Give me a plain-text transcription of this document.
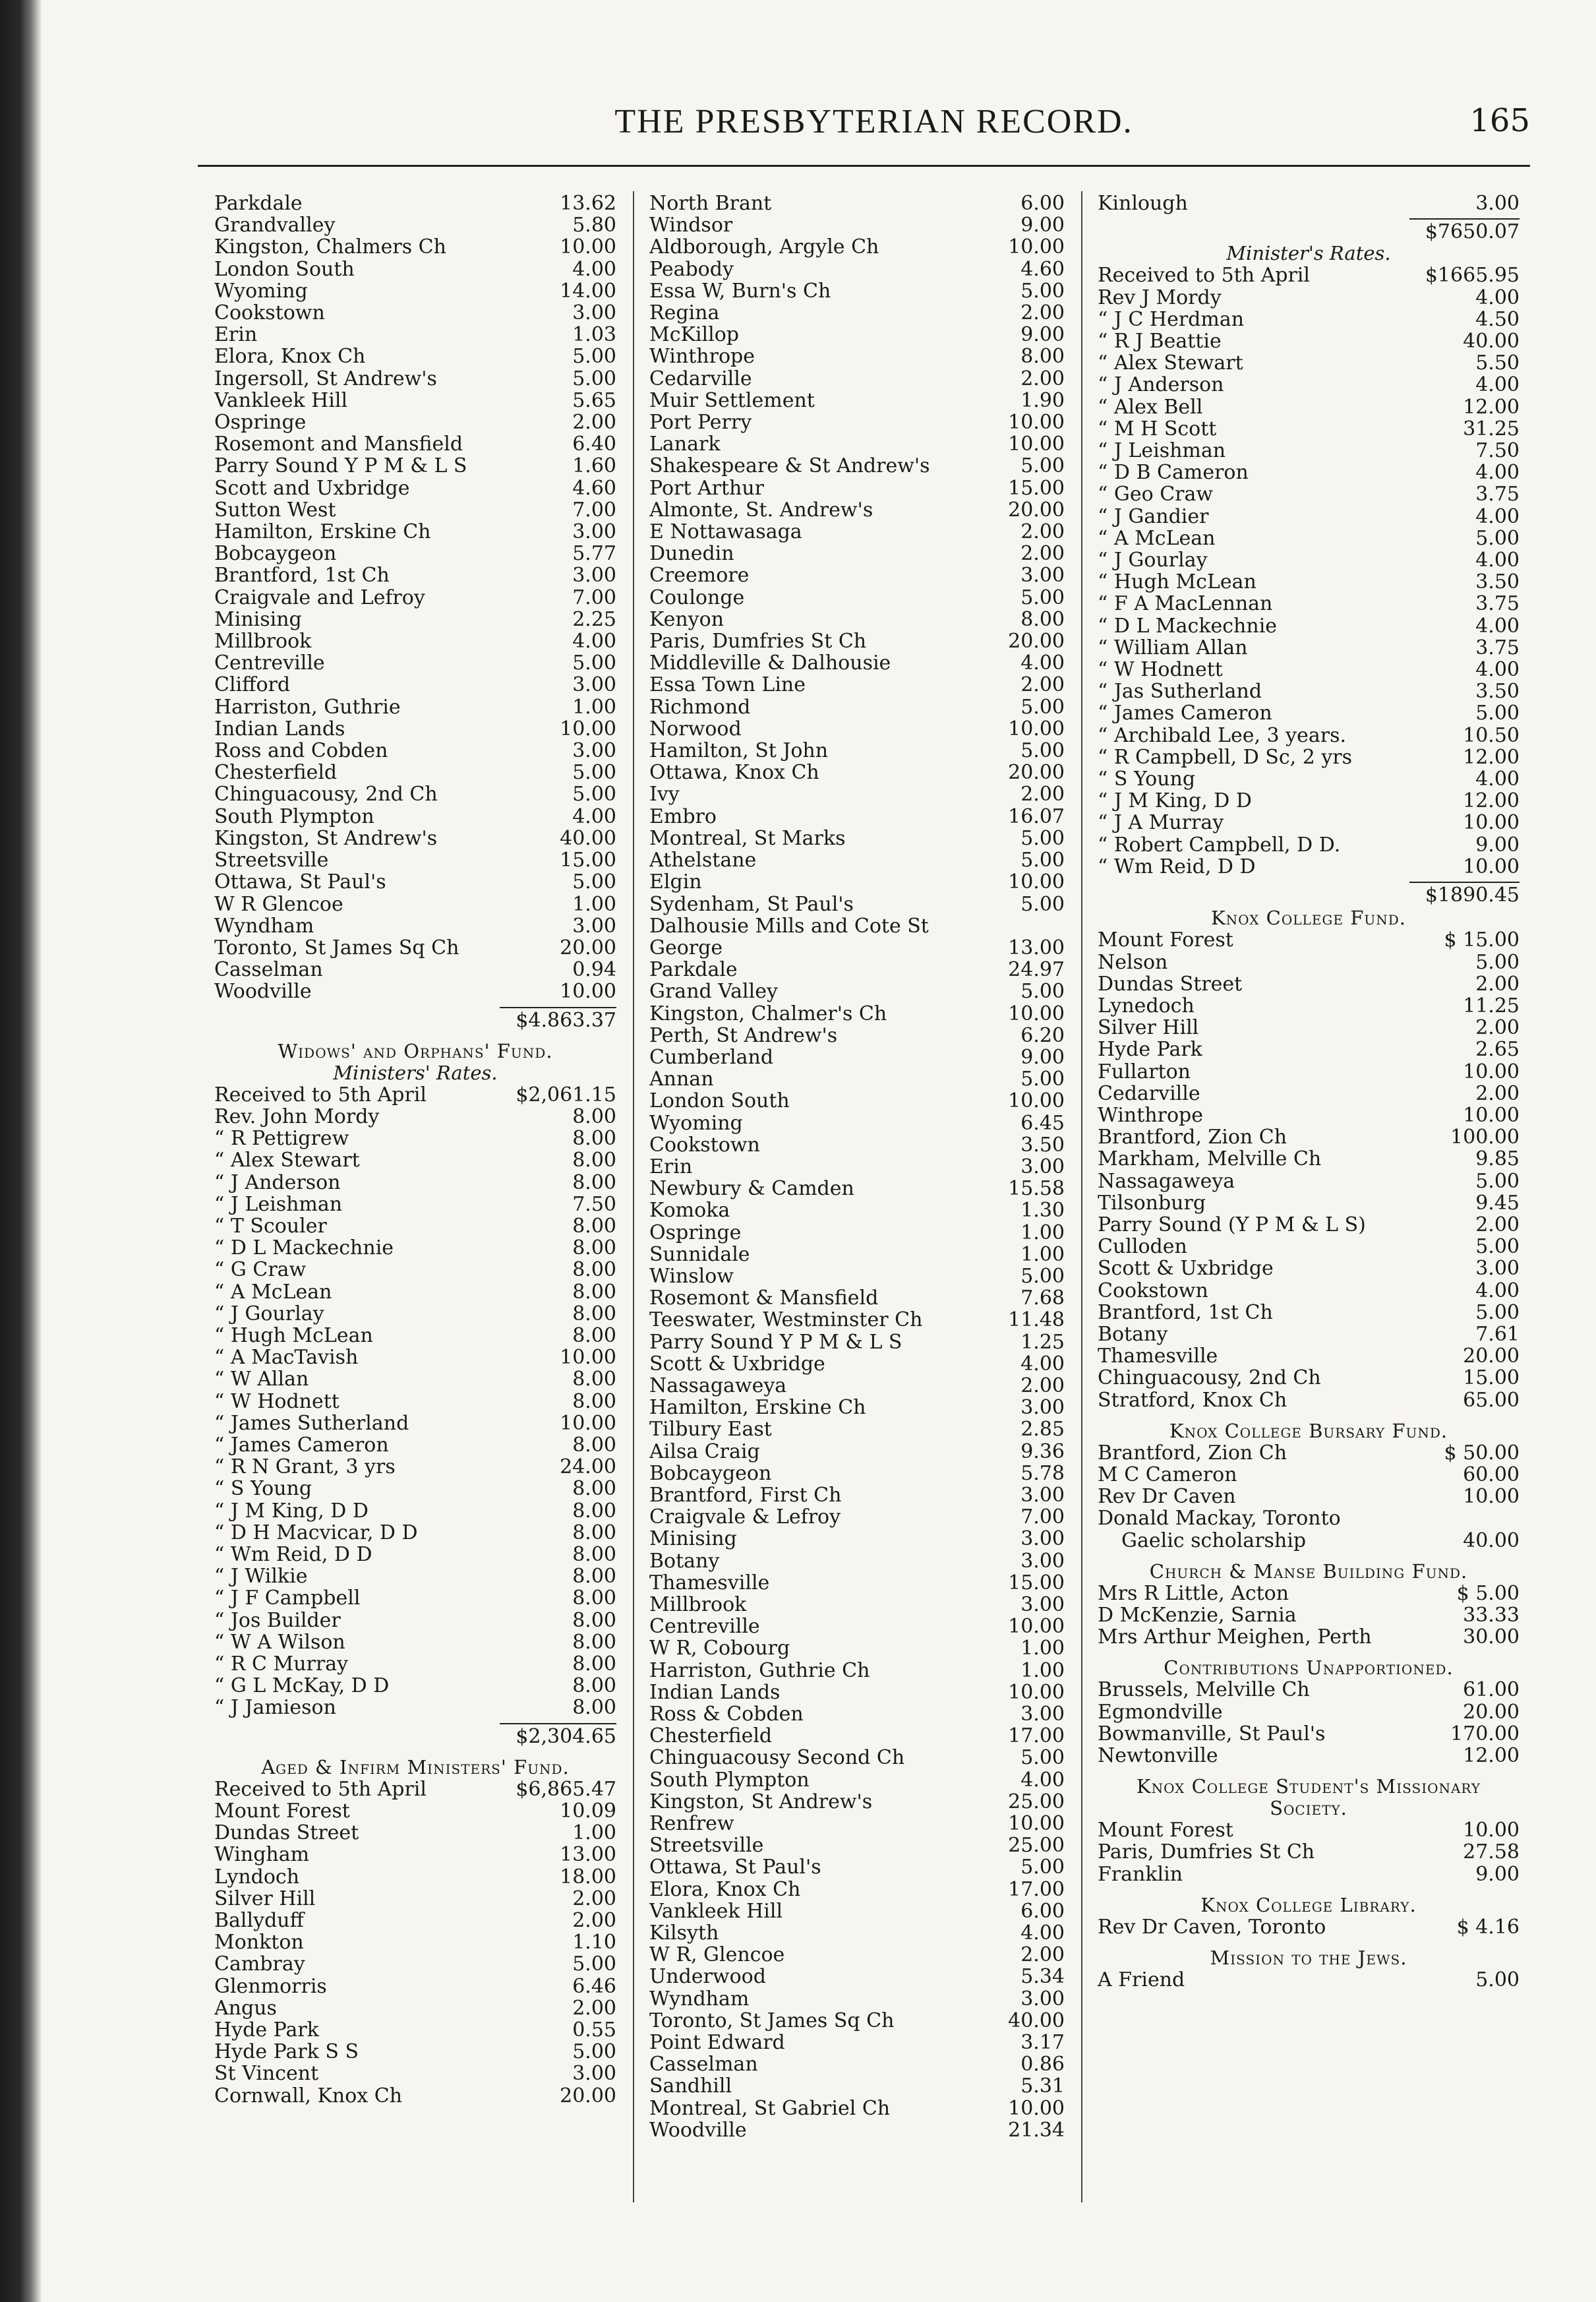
THE PRESBYTERIAN RECORD.	165
Parkdale	13.62
Grandvalley	5.80
Kingston, Chalmers Ch	10.00
London South	4.00
Wyoming	14.00
Cookstown	3.00
Erin	1.03
Elora, Knox Ch	5.00
Ingersoll, St Andrew's	5.00
Vankleek Hill	5.65
Ospringe	2.00
Rosemont and Mansfield	6.40
Parry Sound Y P M & L S	1.60
Scott and Uxbridge	4.60
Sutton West	7.00
Hamilton, Erskine Ch	3.00
Bobcaygeon	5.77
Brantford, 1st Ch	3.00
Craigvale and Lefroy	7.00
Minising	2.25
Millbrook	4.00
Centreville	5.00
Clifford	3.00
Harriston, Guthrie	1.00
Indian Lands	10.00
Ross and Cobden	3.00
Chesterfield	5.00
Chinguacousy, 2nd Ch	5.00
South Plympton	4.00
Kingston, St Andrew's	40.00
Streetsville	15.00
Ottawa, St Paul's	5.00
W R Glencoe	1.00
Wyndham	3.00
Toronto, St James Sq Ch	20.00
Casselman	0.94
Woodville	10.00
$4.863.37
Widows' and Orphans' Fund.
Ministers' Rates.
Received to 5th April	$2,061.15
Rev. John Mordy	8.00
“ R Pettigrew	8.00
“ Alex Stewart	8.00
“ J Anderson	8.00
“ J Leishman	7.50
“ T Scouler	8.00
“ D L Mackechnie	8.00
“ G Craw	8.00
“ A McLean	8.00
“ J Gourlay	8.00
“ Hugh McLean	8.00
“ A MacTavish	10.00
“ W Allan	8.00
“ W Hodnett	8.00
“ James Sutherland	10.00
“ James Cameron	8.00
“ R N Grant, 3 yrs	24.00
“ S Young	8.00
“ J M King, D D	8.00
“ D H Macvicar, D D	8.00
“ Wm Reid, D D	8.00
“ J Wilkie	8.00
“ J F Campbell	8.00
“ Jos Builder	8.00
“ W A Wilson	8.00
“ R C Murray	8.00
“ G L McKay, D D	8.00
“ J Jamieson	8.00
$2,304.65
Aged & Infirm Ministers' Fund.
Received to 5th April	$6,865.47
Mount Forest	10.09
Dundas Street	1.00
Wingham	13.00
Lyndoch	18.00
Silver Hill	2.00
Ballyduff	2.00
Monkton	1.10
Cambray	5.00
Glenmorris	6.46
Angus	2.00
Hyde Park	0.55
Hyde Park S S	5.00
St Vincent	3.00
Cornwall, Knox Ch	20.00
North Brant	6.00
Windsor	9.00
Aldborough, Argyle Ch	10.00
Peabody	4.60
Essa W, Burn's Ch	5.00
Regina	2.00
McKillop	9.00
Winthrope	8.00
Cedarville	2.00
Muir Settlement	1.90
Port Perry	10.00
Lanark	10.00
Shakespeare & St Andrew's	5.00
Port Arthur	15.00
Almonte, St. Andrew's	20.00
E Nottawasaga	2.00
Dunedin	2.00
Creemore	3.00
Coulonge	5.00
Kenyon	8.00
Paris, Dumfries St Ch	20.00
Middleville & Dalhousie	4.00
Essa Town Line	2.00
Richmond	5.00
Norwood	10.00
Hamilton, St John	5.00
Ottawa, Knox Ch	20.00
Ivy	2.00
Embro	16.07
Montreal, St Marks	5.00
Athelstane	5.00
Elgin	10.00
Sydenham, St Paul's	5.00
Dalhousie Mills and Cote St
George	13.00
Parkdale	24.97
Grand Valley	5.00
Kingston, Chalmer's Ch	10.00
Perth, St Andrew's	6.20
Cumberland	9.00
Annan	5.00
London South	10.00
Wyoming	6.45
Cookstown	3.50
Erin	3.00
Newbury & Camden	15.58
Komoka	1.30
Ospringe	1.00
Sunnidale	1.00
Winslow	5.00
Rosemont & Mansfield	7.68
Teeswater, Westminster Ch	11.48
Parry Sound Y P M & L S	1.25
Scott & Uxbridge	4.00
Nassagaweya	2.00
Hamilton, Erskine Ch	3.00
Tilbury East	2.85
Ailsa Craig	9.36
Bobcaygeon	5.78
Brantford, First Ch	3.00
Craigvale & Lefroy	7.00
Minising	3.00
Botany	3.00
Thamesville	15.00
Millbrook	3.00
Centreville	10.00
W R, Cobourg	1.00
Harriston, Guthrie Ch	1.00
Indian Lands	10.00
Ross & Cobden	3.00
Chesterfield	17.00
Chinguacousy Second Ch	5.00
South Plympton	4.00
Kingston, St Andrew's	25.00
Renfrew	10.00
Streetsville	25.00
Ottawa, St Paul's	5.00
Elora, Knox Ch	17.00
Vankleek Hill	6.00
Kilsyth	4.00
W R, Glencoe	2.00
Underwood	5.34
Wyndham	3.00
Toronto, St James Sq Ch	40.00
Point Edward	3.17
Casselman	0.86
Sandhill	5.31
Montreal, St Gabriel Ch	10.00
Woodville	21.34
Kinlough	3.00
$7650.07
Minister's Rates.
Received to 5th April	$1665.95
Rev J Mordy	4.00
“ J C Herdman	4.50
“ R J Beattie	40.00
“ Alex Stewart	5.50
“ J Anderson	4.00
“ Alex Bell	12.00
“ M H Scott	31.25
“ J Leishman	7.50
“ D B Cameron	4.00
“ Geo Craw	3.75
“ J Gandier	4.00
“ A McLean	5.00
“ J Gourlay	4.00
“ Hugh McLean	3.50
“ F A MacLennan	3.75
“ D L Mackechnie	4.00
“ William Allan	3.75
“ W Hodnett	4.00
“ Jas Sutherland	3.50
“ James Cameron	5.00
“ Archibald Lee, 3 years.	10.50
“ R Campbell, D Sc, 2 yrs	12.00
“ S Young	4.00
“ J M King, D D	12.00
“ J A Murray	10.00
“ Robert Campbell, D D.	9.00
“ Wm Reid, D D	10.00
$1890.45
Knox College Fund.
Mount Forest	$ 15.00
Nelson	5.00
Dundas Street	2.00
Lynedoch	11.25
Silver Hill	2.00
Hyde Park	2.65
Fullarton	10.00
Cedarville	2.00
Winthrope	10.00
Brantford, Zion Ch	100.00
Markham, Melville Ch	9.85
Nassagaweya	5.00
Tilsonburg	9.45
Parry Sound (Y P M & L S)	2.00
Culloden	5.00
Scott & Uxbridge	3.00
Cookstown	4.00
Brantford, 1st Ch	5.00
Botany	7.61
Thamesville	20.00
Chinguacousy, 2nd Ch	15.00
Stratford, Knox Ch	65.00
Knox College Bursary Fund.
Brantford, Zion Ch	$ 50.00
M C Cameron	60.00
Rev Dr Caven	10.00
Donald Mackay, Toronto
Gaelic scholarship	40.00
Church & Manse Building Fund.
Mrs R Little, Acton	$ 5.00
D McKenzie, Sarnia	33.33
Mrs Arthur Meighen, Perth	30.00
Contributions Unapportioned.
Brussels, Melville Ch	61.00
Egmondville	20.00
Bowmanville, St Paul's	170.00
Newtonville	12.00
Knox College Student's Missionary Society.
Mount Forest	10.00
Paris, Dumfries St Ch	27.58
Franklin	9.00
Knox College Library.
Rev Dr Caven, Toronto	$ 4.16
Mission to the Jews.
A Friend	5.00
